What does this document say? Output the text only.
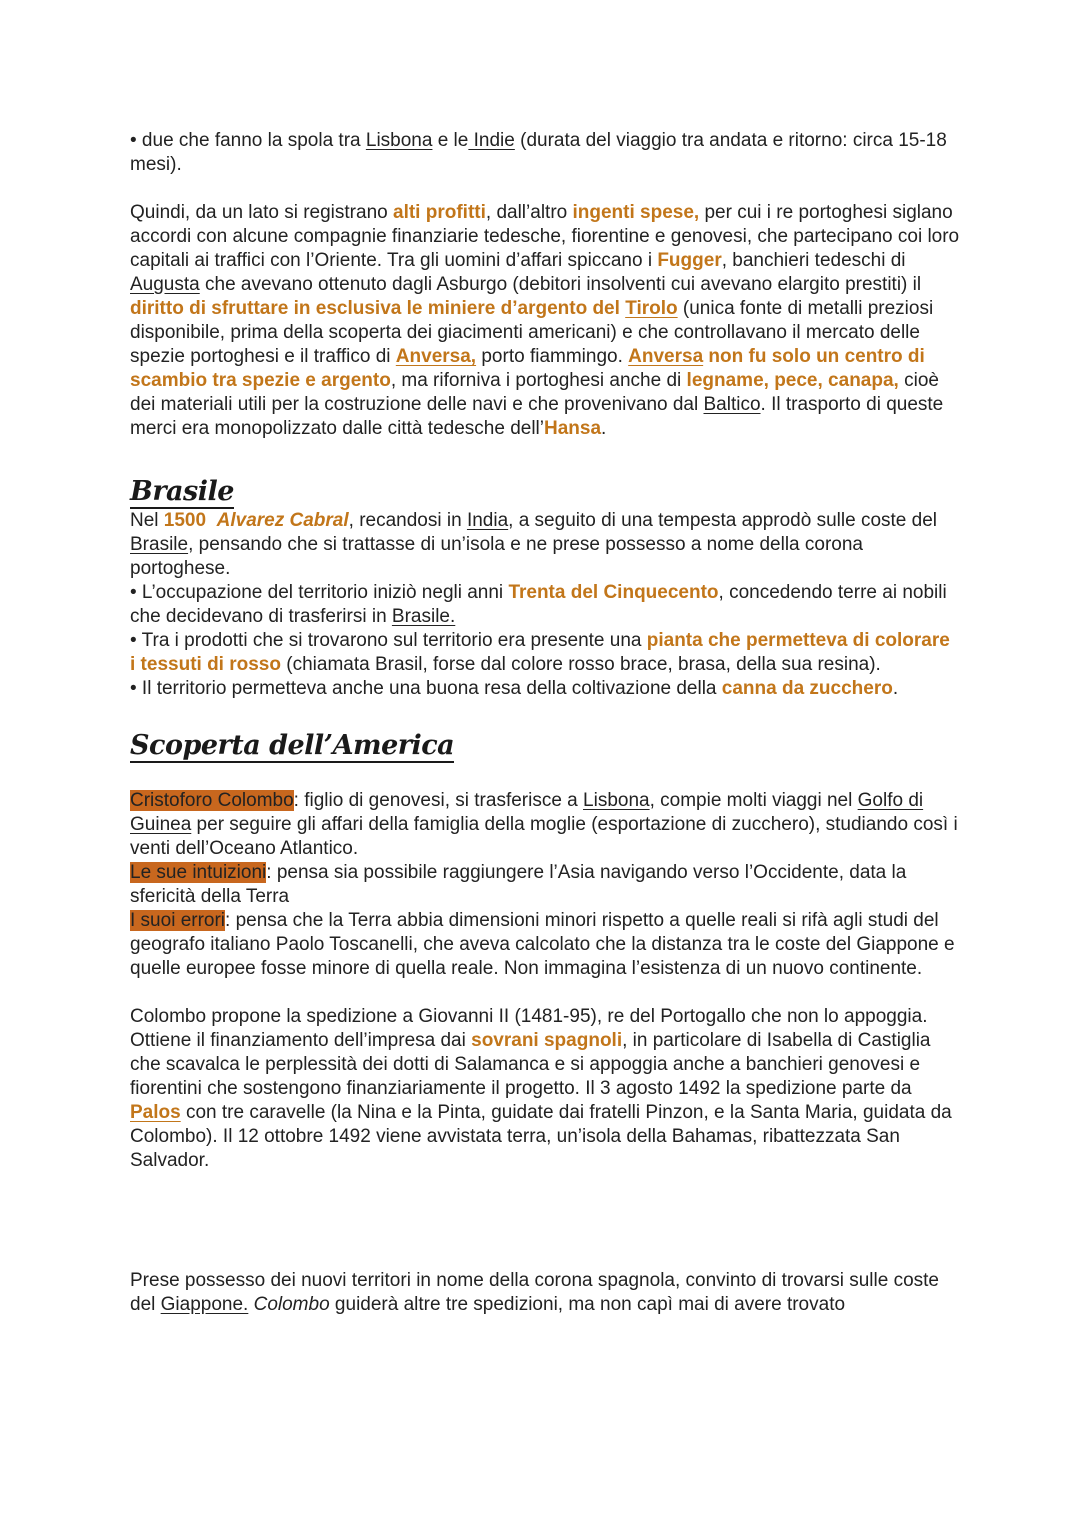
• due che fanno la spola tra Lisbona e le Indie (durata del viaggio tra andata e ritorno: circa 15-18 mesi).

Quindi, da un lato si registrano alti profitti, dall’altro ingenti spese, per cui i re portoghesi siglano accordi con alcune compagnie finanziarie tedesche, fiorentine e genovesi, che partecipano coi loro capitali ai traffici con l’Oriente. Tra gli uomini d’affari spiccano i Fugger, banchieri tedeschi di Augusta che avevano ottenuto dagli Asburgo (debitori insolventi cui avevano elargito prestiti) il diritto di sfruttare in esclusiva le miniere d’argento del Tirolo (unica fonte di metalli preziosi disponibile, prima della scoperta dei giacimenti americani) e che controllavano il mercato delle spezie portoghesi e il traffico di Anversa, porto fiammingo. Anversa non fu solo un centro di scambio tra spezie e argento, ma riforniva i portoghesi anche di legname, pece, canapa, cioè dei materiali utili per la costruzione delle navi e che provenivano dal Baltico. Il trasporto di queste merci era monopolizzato dalle città tedesche dell’Hansa.

Brasile

Nel 1500 Alvarez Cabral, recandosi in India, a seguito di una tempesta approdò sulle coste del Brasile, pensando che si trattasse di un’isola e ne prese possesso a nome della corona portoghese.

• L’occupazione del territorio iniziò negli anni Trenta del Cinquecento, concedendo terre ai nobili che decidevano di trasferirsi in Brasile.

• Tra i prodotti che si trovarono sul territorio era presente una pianta che permetteva di colorare i tessuti di rosso (chiamata Brasil, forse dal colore rosso brace, brasa, della sua resina).

• Il territorio permetteva anche una buona resa della coltivazione della canna da zucchero.

Scoperta dell’America

Cristoforo Colombo: figlio di genovesi, si trasferisce a Lisbona, compie molti viaggi nel Golfo di Guinea per seguire gli affari della famiglia della moglie (esportazione di zucchero), studiando così i venti dell’Oceano Atlantico.

Le sue intuizioni: pensa sia possibile raggiungere l’Asia navigando verso l’Occidente, data la sfericità della Terra

I suoi errori: pensa che la Terra abbia dimensioni minori rispetto a quelle reali si rifà agli studi del geografo italiano Paolo Toscanelli, che aveva calcolato che la distanza tra le coste del Giappone e quelle europee fosse minore di quella reale. Non immagina l’esistenza di un nuovo continente.

Colombo propone la spedizione a Giovanni II (1481-95), re del Portogallo che non lo appoggia. Ottiene il finanziamento dell’impresa dai sovrani spagnoli, in particolare di Isabella di Castiglia che scavalca le perplessità dei dotti di Salamanca e si appoggia anche a banchieri genovesi e fiorentini che sostengono finanziariamente il progetto. Il 3 agosto 1492 la spedizione parte da Palos con tre caravelle (la Nina e la Pinta, guidate dai fratelli Pinzon, e la Santa Maria, guidata da Colombo). Il 12 ottobre 1492 viene avvistata terra, un’isola della Bahamas, ribattezzata San Salvador.

Prese possesso dei nuovi territori in nome della corona spagnola, convinto di trovarsi sulle coste del Giappone. Colombo guiderà altre tre spedizioni, ma non capì mai di avere trovato
